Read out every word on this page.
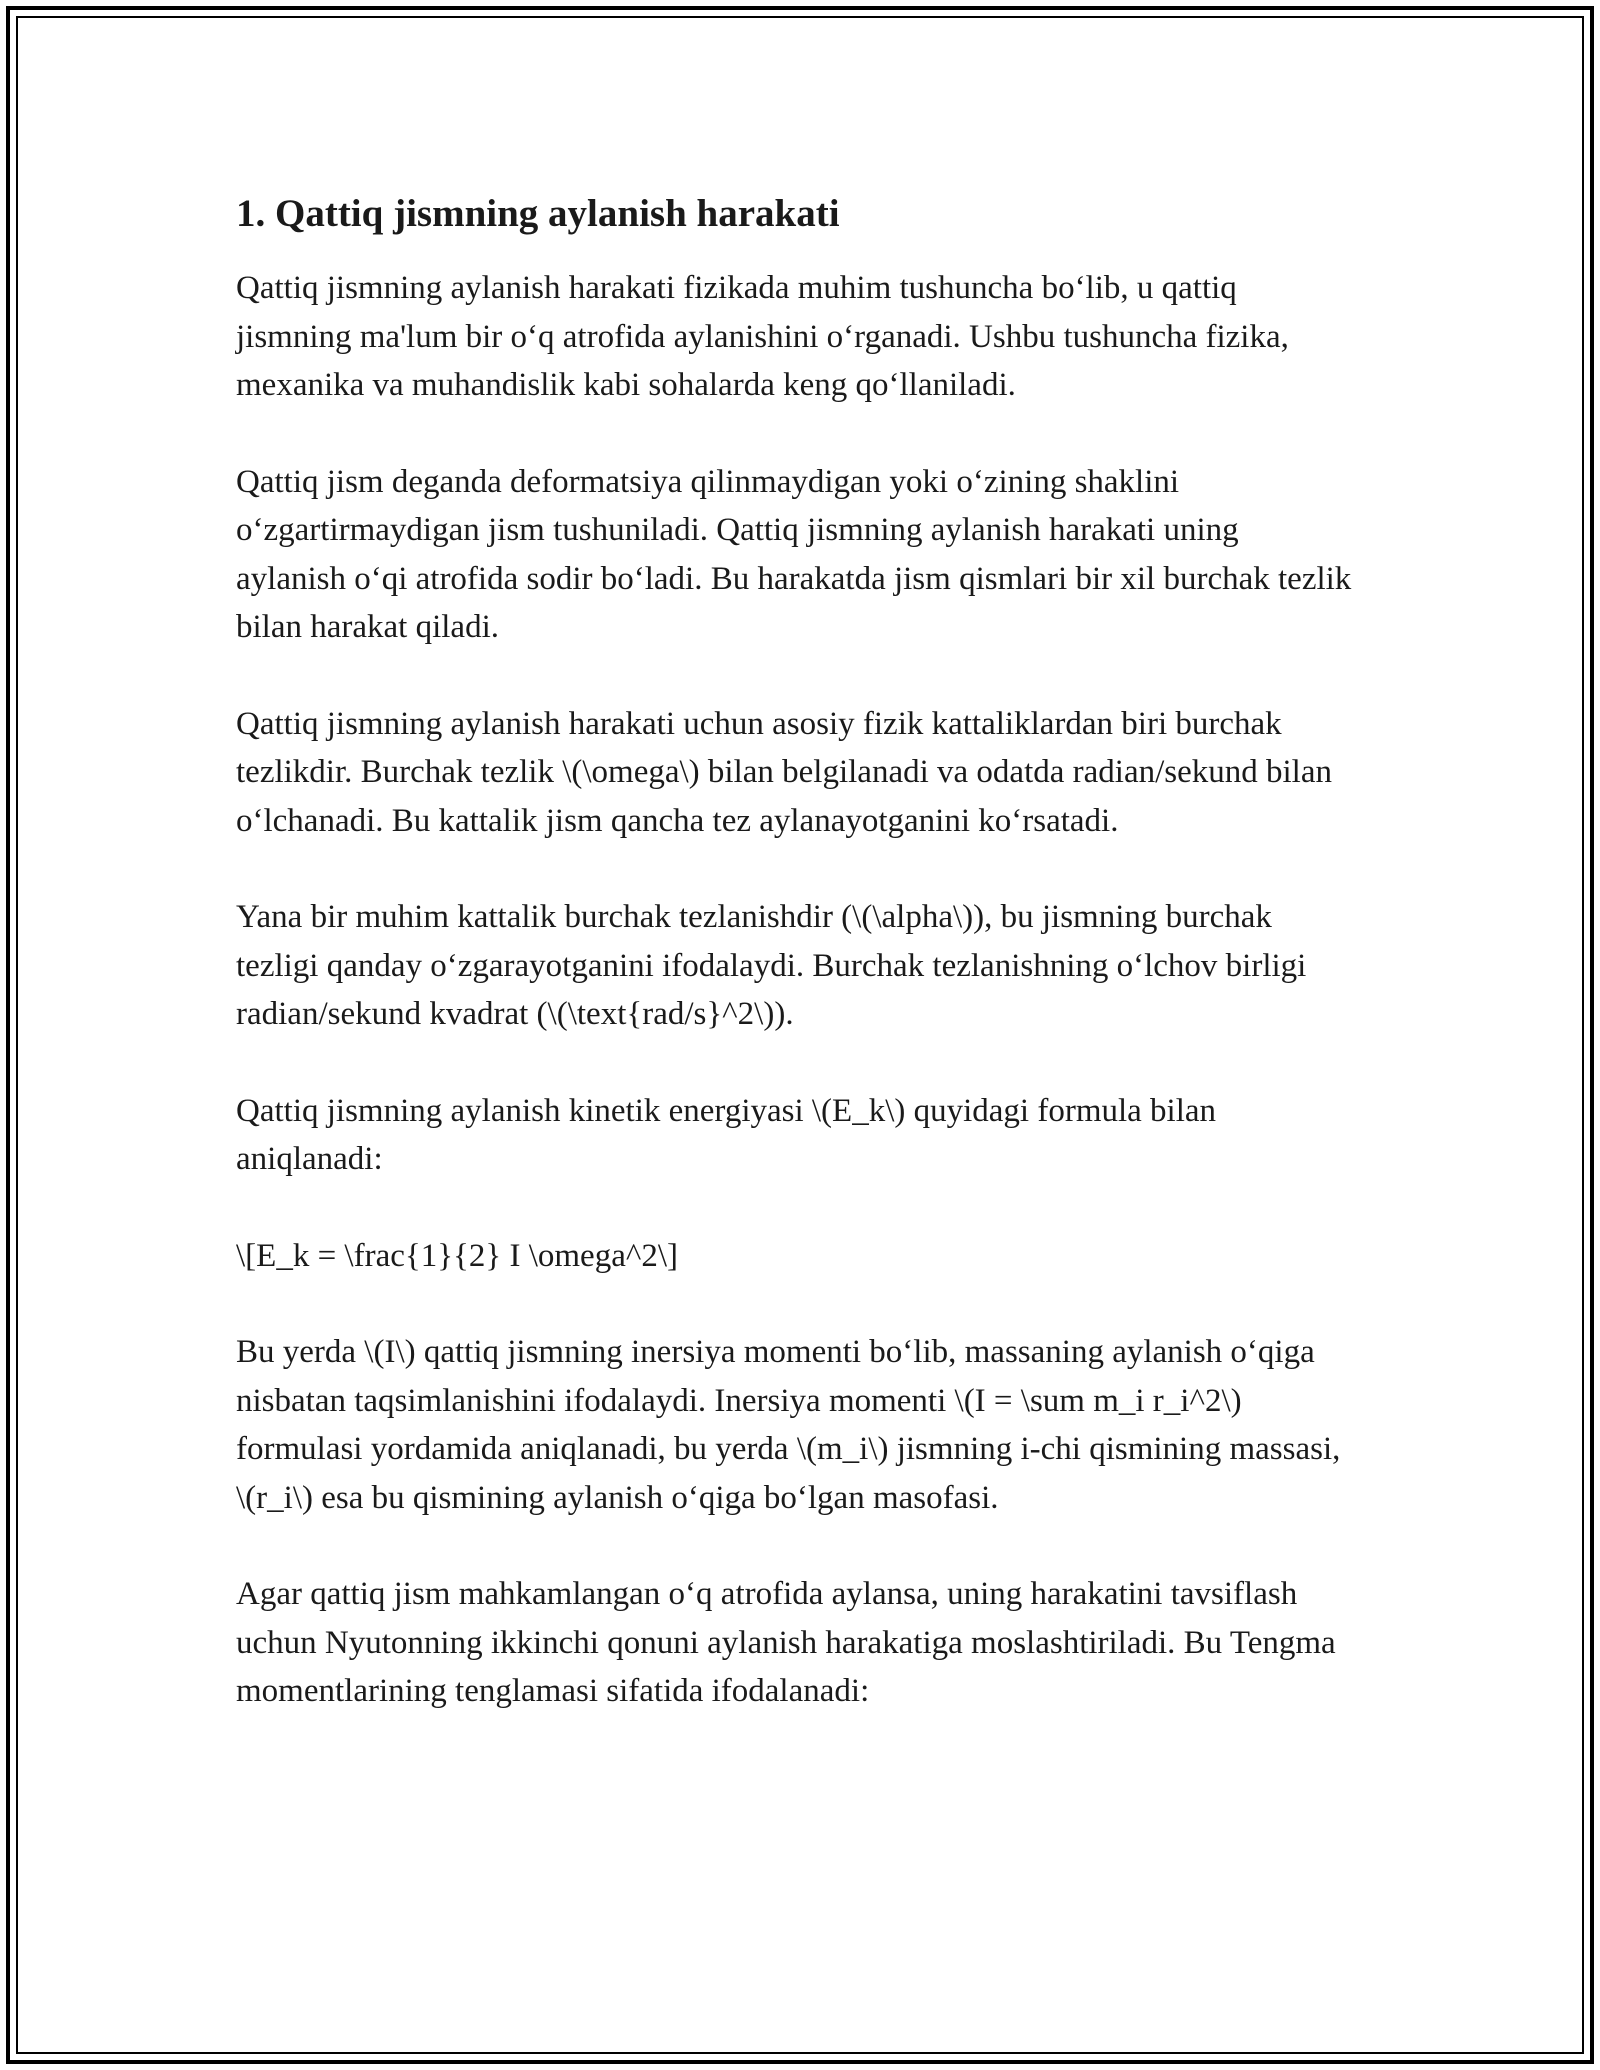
1. Qattiq jismning aylanish harakati

Qattiq jismning aylanish harakati fizikada muhim tushuncha bo‘lib, u qattiq jismning ma'lum bir o‘q atrofida aylanishini o‘rganadi. Ushbu tushuncha fizika, mexanika va muhandislik kabi sohalarda keng qo‘llaniladi.

Qattiq jism deganda deformatsiya qilinmaydigan yoki o‘zining shaklini o‘zgartirmaydigan jism tushuniladi. Qattiq jismning aylanish harakati uning aylanish o‘qi atrofida sodir bo‘ladi. Bu harakatda jism qismlari bir xil burchak tezlik bilan harakat qiladi.

Qattiq jismning aylanish harakati uchun asosiy fizik kattaliklardan biri burchak tezlikdir. Burchak tezlik \(\omega\) bilan belgilanadi va odatda radian/sekund bilan o‘lchanadi. Bu kattalik jism qancha tez aylanayotganini ko‘rsatadi.

Yana bir muhim kattalik burchak tezlanishdir (\(\alpha\)), bu jismning burchak tezligi qanday o‘zgarayotganini ifodalaydi. Burchak tezlanishning o‘lchov birligi radian/sekund kvadrat (\(\text{rad/s}^2\)).

Qattiq jismning aylanish kinetik energiyasi \(E_k\) quyidagi formula bilan aniqlanadi:

\[E_k = \frac{1}{2} I \omega^2\]

Bu yerda \(I\) qattiq jismning inersiya momenti bo‘lib, massaning aylanish o‘qiga nisbatan taqsimlanishini ifodalaydi. Inersiya momenti \(I = \sum m_i r_i^2\) formulasi yordamida aniqlanadi, bu yerda \(m_i\) jismning i-chi qismining massasi, \(r_i\) esa bu qismining aylanish o‘qiga bo‘lgan masofasi.

Agar qattiq jism mahkamlangan o‘q atrofida aylansa, uning harakatini tavsiflash uchun Nyutonning ikkinchi qonuni aylanish harakatiga moslashtiriladi. Bu Tengma momentlarining tenglamasi sifatida ifodalanadi:
